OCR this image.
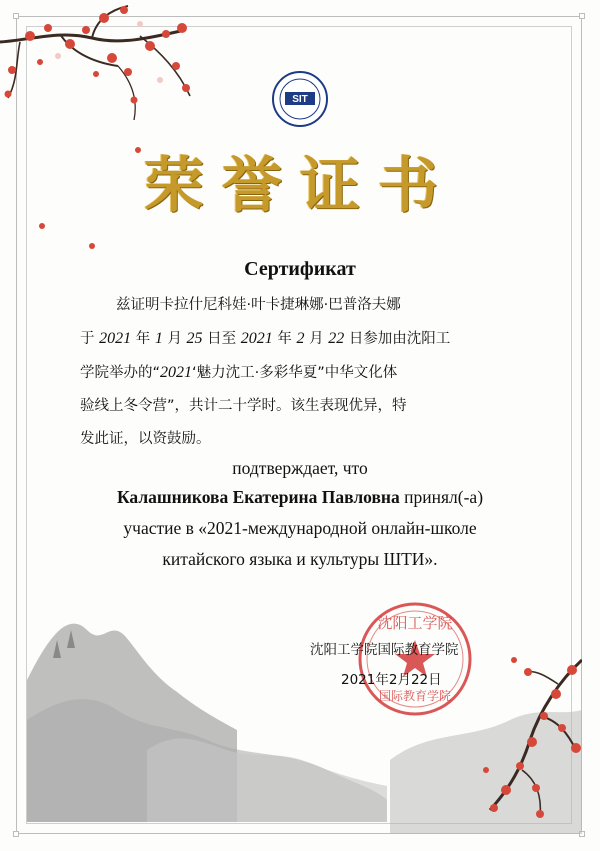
SIT
荣誉证书
Сертификат
兹证明卡拉什尼科娃·叶卡捷琳娜·巴普洛夫娜
于 2021 年 1 月 25 日至 2021 年 2 月 22 日参加由沈阳工
学院举办的“2021‘魅力沈工·多彩华夏”中华文化体
验线上冬令营”，共计二十学时。该生表现优异，特
发此证，以资鼓励。
подтверждает, что
Калашникова Екатерина Павловна принял(-а)
участие в «2021-международной онлайн-школе
китайского языка и культуры ШТИ».
沈阳工学院
国际教育学院
沈阳工学院国际教育学院
2021年2月22日
